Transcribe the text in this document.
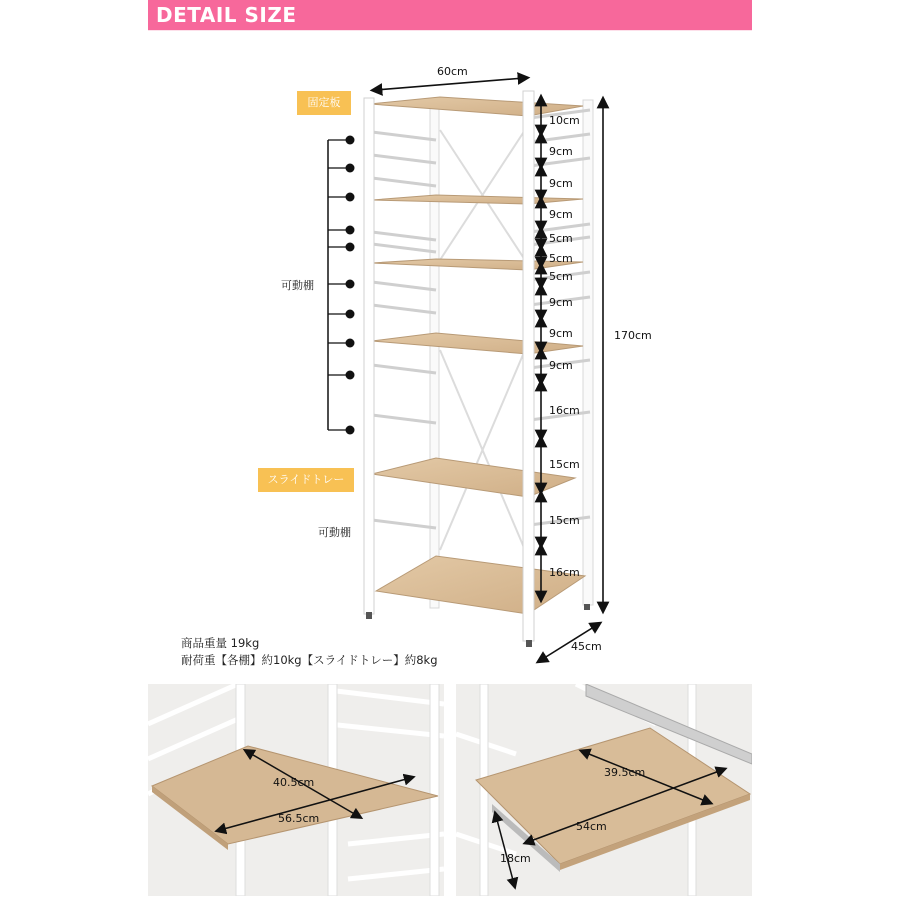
DETAIL SIZE
60cm
45cm
170cm
10cm
9cm
9cm
9cm
5cm
5cm
5cm
9cm
9cm
9cm
16cm
15cm
15cm
16cm
固定板
可動棚
スライドトレー
可動棚
商品重量 19kg
耐荷重【各棚】約10kg【スライドトレー】約8kg
40.5cm
56.5cm
39.5cm
54cm
18cm
